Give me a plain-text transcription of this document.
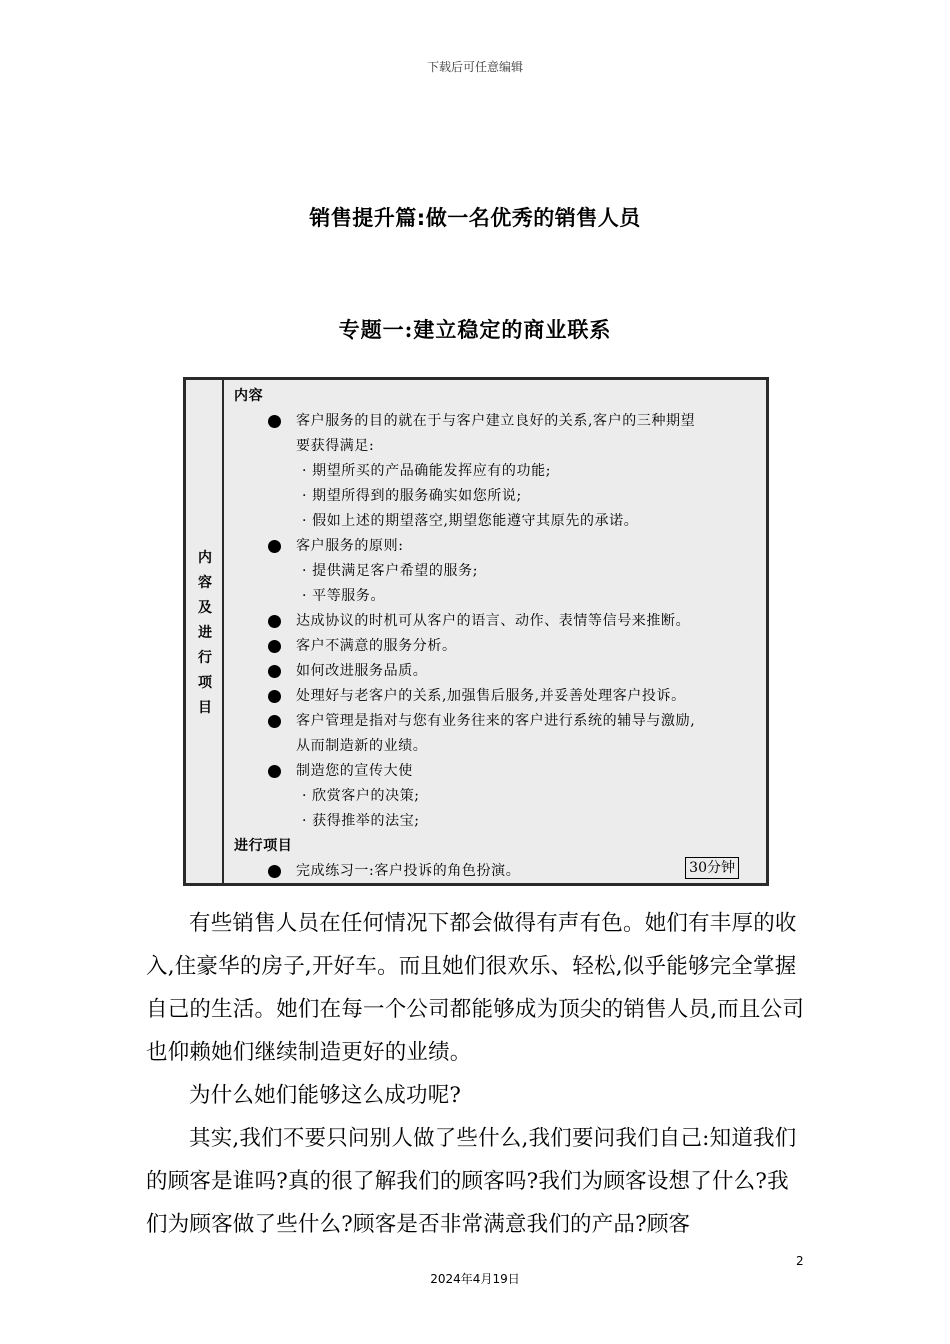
下载后可任意编辑
销售提升篇:做一名优秀的销售人员
专题一:建立稳定的商业联系
内
容
及
进
行
项
目
内容
客户服务的目的就在于与客户建立良好的关系,客户的三种期望
要获得满足:
· 期望所买的产品确能发挥应有的功能;
· 期望所得到的服务确实如您所说;
· 假如上述的期望落空,期望您能遵守其原先的承诺。
客户服务的原则:
· 提供满足客户希望的服务;
· 平等服务。
达成协议的时机可从客户的语言、动作、表情等信号来推断。
客户不满意的服务分析。
如何改进服务品质。
处理好与老客户的关系,加强售后服务,并妥善处理客户投诉。
客户管理是指对与您有业务往来的客户进行系统的辅导与激励,
从而制造新的业绩。
制造您的宣传大使
· 欣赏客户的决策;
· 获得推举的法宝;
进行项目
完成练习一:客户投诉的角色扮演。	30分钟

有些销售人员在任何情况下都会做得有声有色。她们有丰厚的收入,住豪华的房子,开好车。而且她们很欢乐、轻松,似乎能够完全掌握自己的生活。她们在每一个公司都能够成为顶尖的销售人员,而且公司也仰赖她们继续制造更好的业绩。

为什么她们能够这么成功呢?

其实,我们不要只问别人做了些什么,我们要问我们自己:知道我们的顾客是谁吗?真的很了解我们的顾客吗?我们为顾客设想了什么?我们为顾客做了些什么?顾客是否非常满意我们的产品?顾客

2
2024年4月19日
